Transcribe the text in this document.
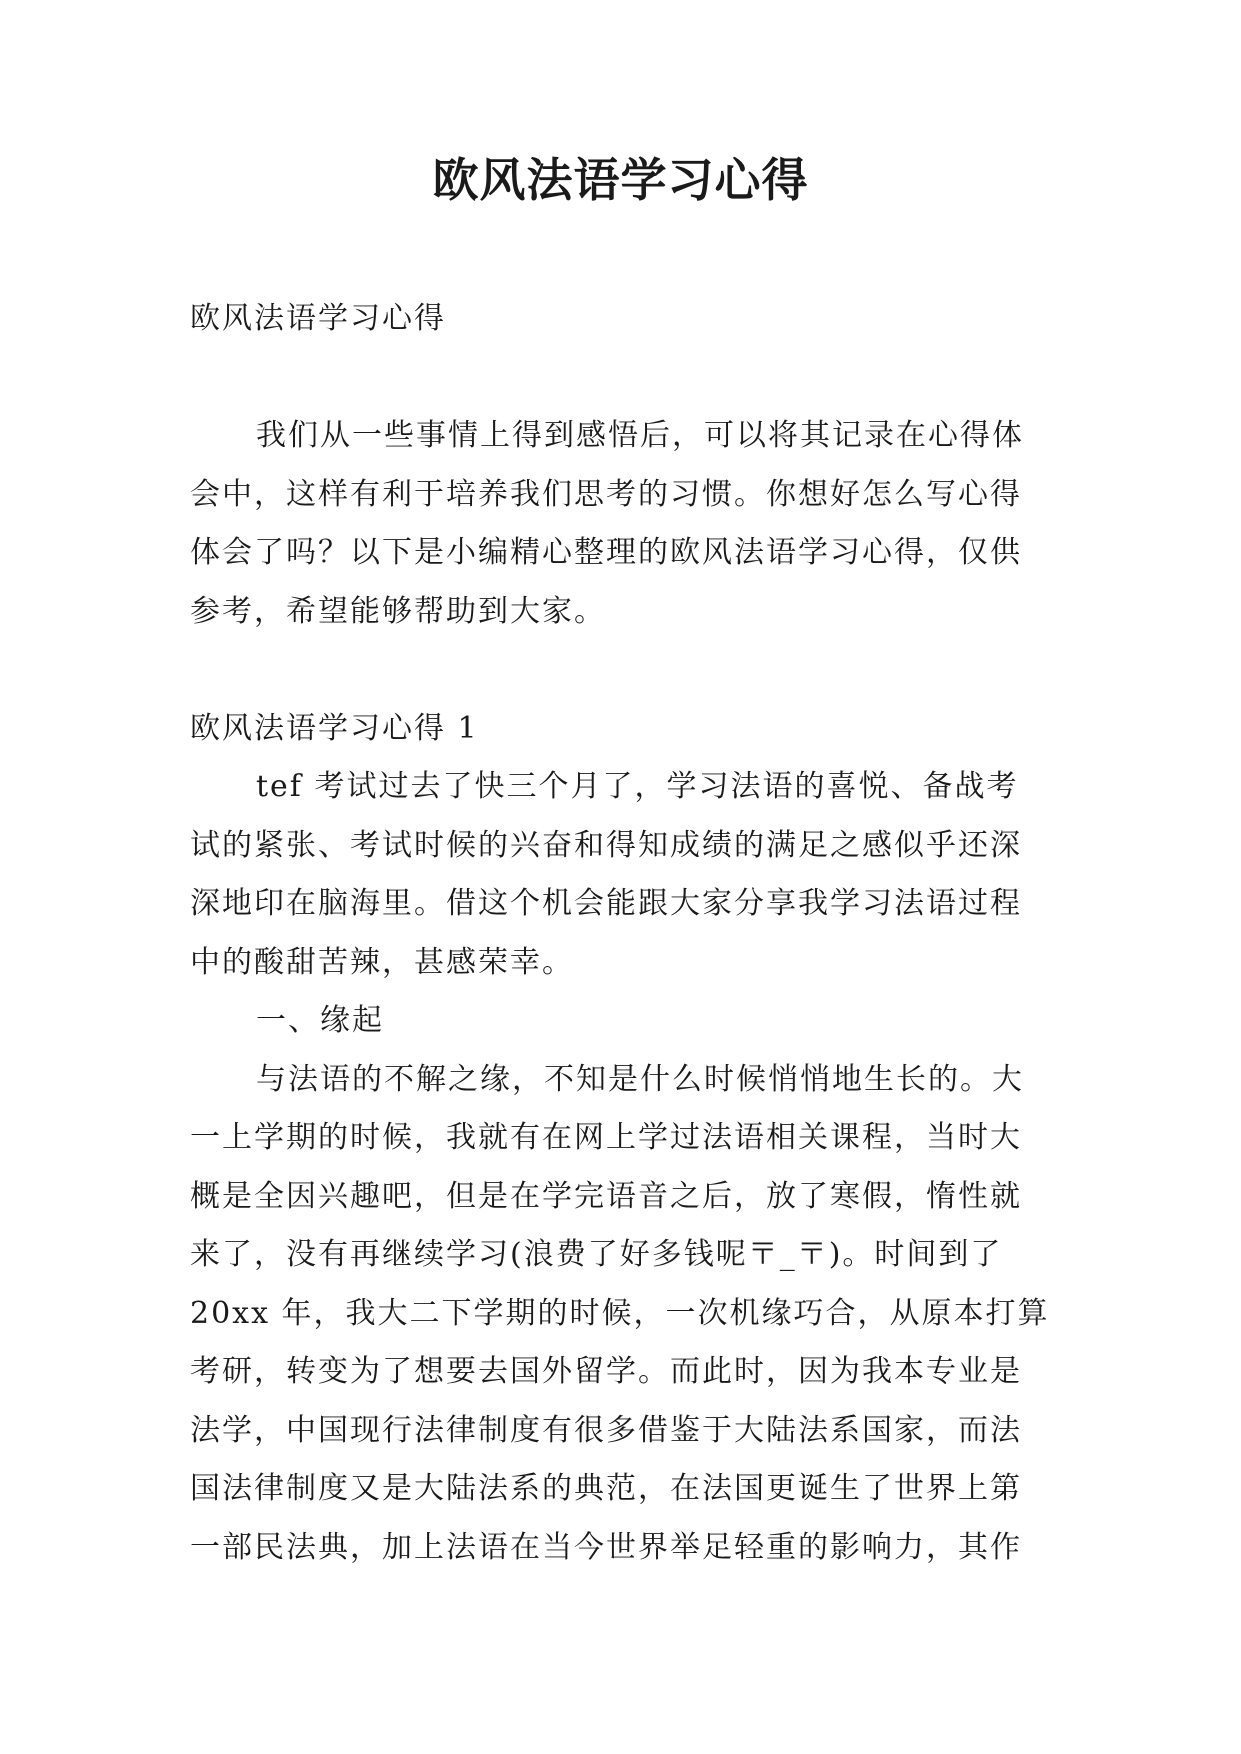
欧风法语学习心得
欧风法语学习心得
我们从一些事情上得到感悟后，可以将其记录在心得体
会中，这样有利于培养我们思考的习惯。你想好怎么写心得
体会了吗？以下是小编精心整理的欧风法语学习心得，仅供
参考，希望能够帮助到大家。
欧风法语学习心得 1
tef 考试过去了快三个月了，学习法语的喜悦、备战考
试的紧张、考试时候的兴奋和得知成绩的满足之感似乎还深
深地印在脑海里。借这个机会能跟大家分享我学习法语过程
中的酸甜苦辣，甚感荣幸。
一、缘起
与法语的不解之缘，不知是什么时候悄悄地生长的。大
一上学期的时候，我就有在网上学过法语相关课程，当时大
概是全因兴趣吧，但是在学完语音之后，放了寒假，惰性就
来了，没有再继续学习(浪费了好多钱呢〒_〒)。时间到了
20xx 年，我大二下学期的时候，一次机缘巧合，从原本打算
考研，转变为了想要去国外留学。而此时，因为我本专业是
法学，中国现行法律制度有很多借鉴于大陆法系国家，而法
国法律制度又是大陆法系的典范，在法国更诞生了世界上第
一部民法典，加上法语在当今世界举足轻重的影响力，其作
